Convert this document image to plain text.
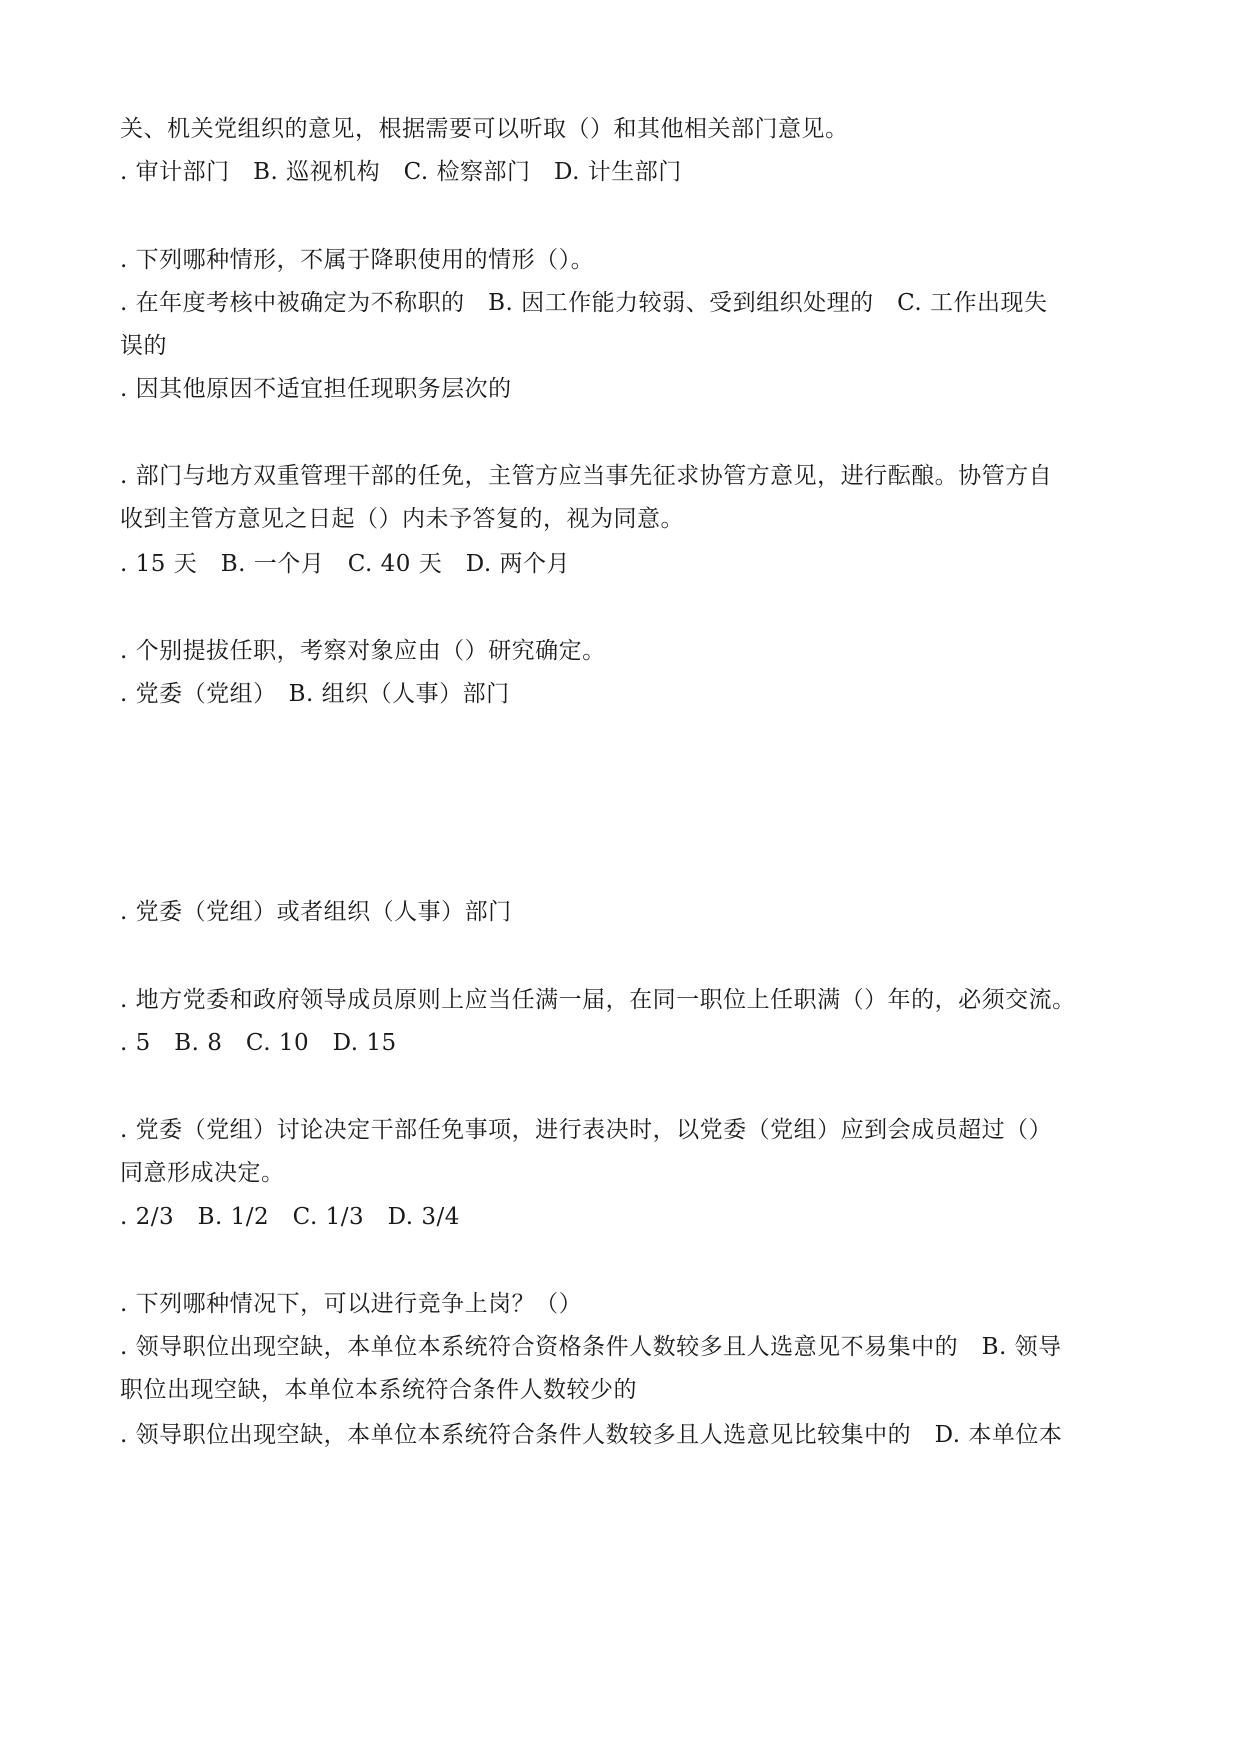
关、机关党组织的意见，根据需要可以听取（）和其他相关部门意见。
. 审计部门　B. 巡视机构　C. 检察部门　D. 计生部门
. 下列哪种情形，不属于降职使用的情形（）。
. 在年度考核中被确定为不称职的　B. 因工作能力较弱、受到组织处理的　C. 工作出现失
误的
. 因其他原因不适宜担任现职务层次的
. 部门与地方双重管理干部的任免，主管方应当事先征求协管方意见，进行酝酿。协管方自
收到主管方意见之日起（）内未予答复的，视为同意。
. 15 天　B. 一个月　C. 40 天　D. 两个月
. 个别提拔任职，考察对象应由（）研究确定。
. 党委（党组）　B. 组织（人事）部门
. 党委（党组）或者组织（人事）部门
. 地方党委和政府领导成员原则上应当任满一届，在同一职位上任职满（）年的，必须交流。
. 5　B. 8　C. 10　D. 15
. 党委（党组）讨论决定干部任免事项，进行表决时，以党委（党组）应到会成员超过（）
同意形成决定。
. 2/3　B. 1/2　C. 1/3　D. 3/4
. 下列哪种情况下，可以进行竞争上岗？（）
. 领导职位出现空缺，本单位本系统符合资格条件人数较多且人选意见不易集中的　B. 领导
职位出现空缺，本单位本系统符合条件人数较少的
. 领导职位出现空缺，本单位本系统符合条件人数较多且人选意见比较集中的　D. 本单位本
